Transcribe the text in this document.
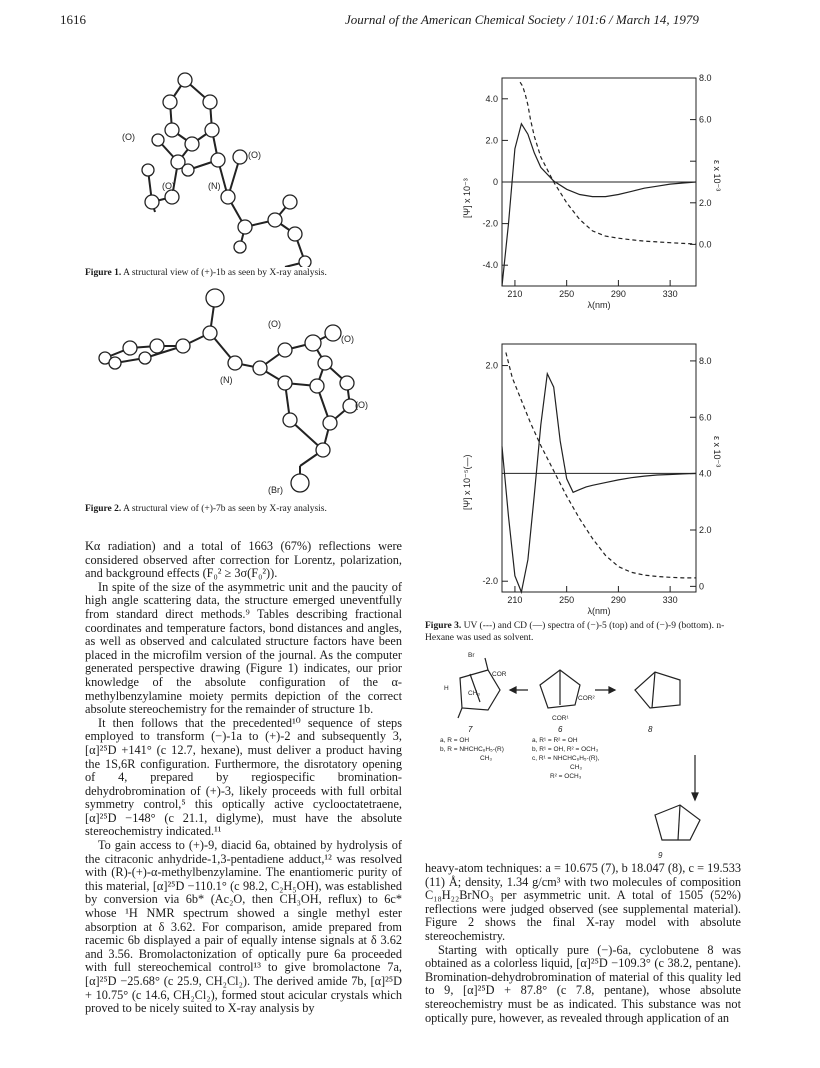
1616	Journal of the American Chemical Society / 101:6 / March 14, 1979
(O)
(O)
(O)	(N)
Figure 1. A structural view of (+)-1b as seen by X-ray analysis.
(O)
(O)
(O)
(N)
(Br)
Figure 2. A structural view of (+)-7b as seen by X-ray analysis.

Kα radiation) and a total of 1663 (67%) reflections were considered observed after correction for Lorentz, polarization, and background effects (F₀² ≥ 3σ(F₀²)).

In spite of the size of the asymmetric unit and the paucity of high angle scattering data, the structure emerged uneventfully from standard direct methods.⁹ Tables describing fractional coordinates and temperature factors, bond distances and angles, as well as observed and calculated structure factors have been placed in the microfilm version of the journal. As the computer generated perspective drawing (Figure 1) indicates, our prior knowledge of the absolute configuration of the α-methylbenzylamine moiety permits depiction of the correct absolute stereochemistry for the remainder of structure 1b.

It then follows that the precedented¹⁰ sequence of steps employed to transform (−)-1a to (+)-2 and subsequently 3, [α]²⁵D +141° (c 12.7, hexane), must deliver a product having the 1S,6R configuration. Furthermore, the disrotatory opening of 4, prepared by regiospecific bromination-dehydrobromination of (+)-3, likely proceeds with full orbital symmetry control,⁵ this optically active cyclooctatetraene, [α]²⁵D −148° (c 21.1, diglyme), must have the absolute stereochemistry indicated.¹¹

To gain access to (+)-9, diacid 6a, obtained by hydrolysis of the citraconic anhydride-1,3-pentadiene adduct,¹² was resolved with (R)-(+)-α-methylbenzylamine. The enantiomeric purity of this material, [α]²⁵D −110.1° (c 98.2, C₂H₅OH), was established by conversion via 6b* (Ac₂O, then CH₃OH, reflux) to 6c* whose ¹H NMR spectrum showed a single methyl ester absorption at δ 3.62. For comparison, amide prepared from racemic 6b displayed a pair of equally intense signals at δ 3.62 and 3.56. Bromolactonization of optically pure 6a proceeded with full stereochemical control¹³ to give bromolactone 7a, [α]²⁵D −25.68° (c 25.9, CH₂Cl₂). The derived amide 7b, [α]²⁵D + 10.75° (c 14.6, CH₂Cl₂), formed stout acicular crystals which proved to be nicely suited to X-ray analysis by

210	250	290	330
λ(nm)
4.0
2.0
0
-2.0
-4.0
8.0
6.0
2.0
0.0
[Ψ] x 10⁻³
ε x 10⁻³
210	250	290	330
λ(nm)
2.0
-2.0
8.0
6.0
4.0
2.0
0
[Ψ] x 10⁻⁵(—)
ε x 10⁻³
Figure 3. UV (---) and CD (—) spectra of (−)-5 (top) and of (−)-9 (bottom). n-Hexane was used as solvent.
Br
COR
H
CH₃
COR²
COR¹
7	6	8
9
a, R = OH
b, R = NHCHC₆H₅-(R)
CH₃
a, R¹ = R² = OH
b, R¹ = OH, R² = OCH₃
c, R¹ = NHCHC₆H₅-(R),
CH₃
R² = OCH₃

heavy-atom techniques: a = 10.675 (7), b 18.047 (8), c = 19.533 (11) Å; density, 1.34 g/cm³ with two molecules of composition C₁₈H₂₂BrNO₃ per asymmetric unit. A total of 1505 (52%) reflections were judged observed (see supplemental material). Figure 2 shows the final X-ray model with absolute stereochemistry.

Starting with optically pure (−)-6a, cyclobutene 8 was obtained as a colorless liquid, [α]²⁵D −109.3° (c 38.2, pentane). Bromination-dehydrobromination of material of this quality led to 9, [α]²⁵D + 87.8° (c 7.8, pentane), whose absolute stereochemistry must be as indicated. This substance was not optically pure, however, as revealed through application of an
